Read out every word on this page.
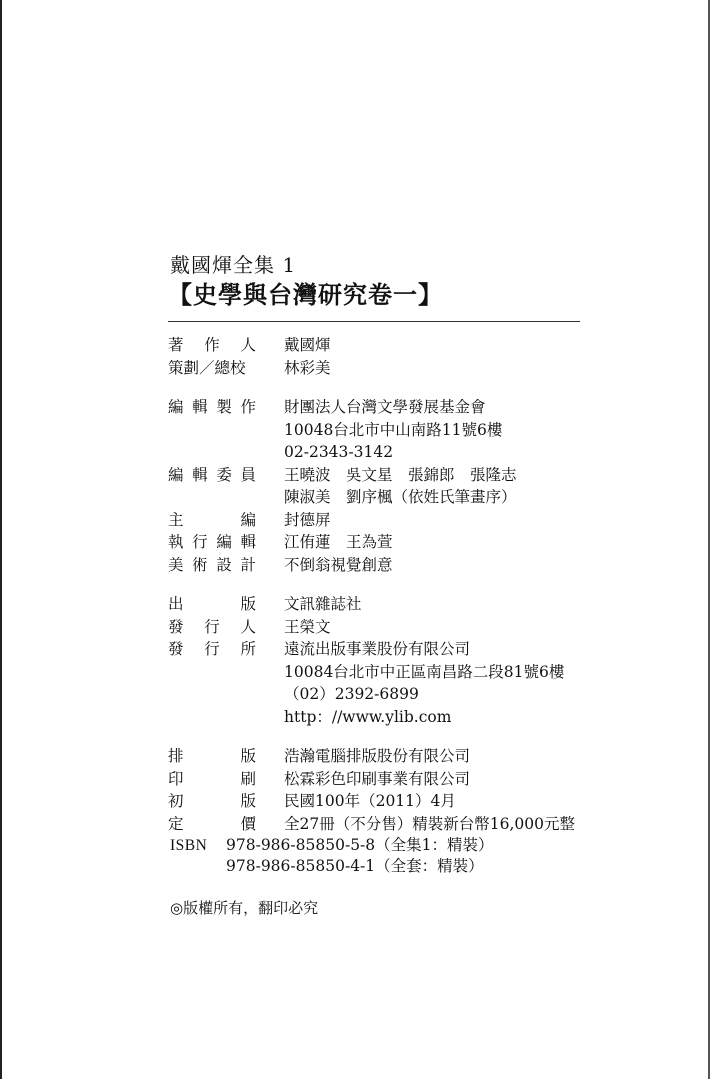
戴國煇全集 1
【史學與台灣研究卷一】
著作人 戴國煇
策劃／總校	林彩美
編輯製作 財團法人台灣文學發展基金會
10048台北市中山南路11號6樓
02-2343-3142
編輯委員 王曉波　吳文星　張錦郎　張隆志
陳淑美　劉序楓（依姓氏筆畫序）
主編 封德屏
執行編輯 江侑蓮　王為萱
美術設計 不倒翁視覺創意
出版 文訊雜誌社
發行人 王榮文
發行所 遠流出版事業股份有限公司
10084台北市中正區南昌路二段81號6樓
（02）2392-6899
http：//www.ylib.com
排版 浩瀚電腦排版股份有限公司
印刷 松霖彩色印刷事業有限公司
初版 民國100年（2011）4月
定價 全27冊（不分售）精裝新台幣16,000元整
ISBN	978-986-85850-5-8（全集1：精裝）
978-986-85850-4-1（全套：精裝）
◎版權所有，翻印必究
